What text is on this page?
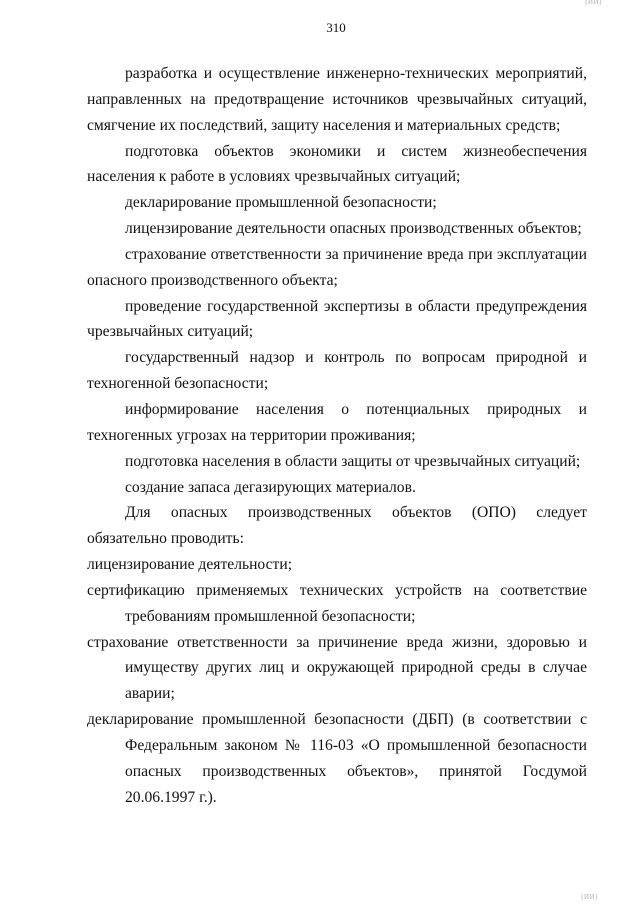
(ИИ)
310

разработка и осуществление инженерно-технических мероприятий, направленных на предотвращение источников чрезвычайных ситуаций, смягчение их последствий, защиту населения и материальных средств;

подготовка объектов экономики и систем жизнеобеспечения населения к работе в условиях чрезвычайных ситуаций;

декларирование промышленной безопасности;

лицензирование деятельности опасных производственных объектов;

страхование ответственности за причинение вреда при эксплуатации опасного производственного объекта;

проведение государственной экспертизы в области предупреждения чрезвычайных ситуаций;

государственный надзор и контроль по вопросам природной и техногенной безопасности;

информирование населения о потенциальных природных и техногенных угрозах на территории проживания;

подготовка населения в области защиты от чрезвычайных ситуаций;

создание запаса дегазирующих материалов.

Для опасных производственных объектов (ОПО) следует обязательно проводить:

лицензирование деятельности;

сертификацию применяемых технических устройств на соответствие требованиям промышленной безопасности;

страхование ответственности за причинение вреда жизни, здоровью и имуществу других лиц и окружающей природной среды в случае аварии;

декларирование промышленной безопасности (ДБП) (в соответствии с Федеральным законом № 116-03 «О промышленной безопасности опасных производственных объектов», принятой Госдумой 20.06.1997 г.).

(ИИ)
